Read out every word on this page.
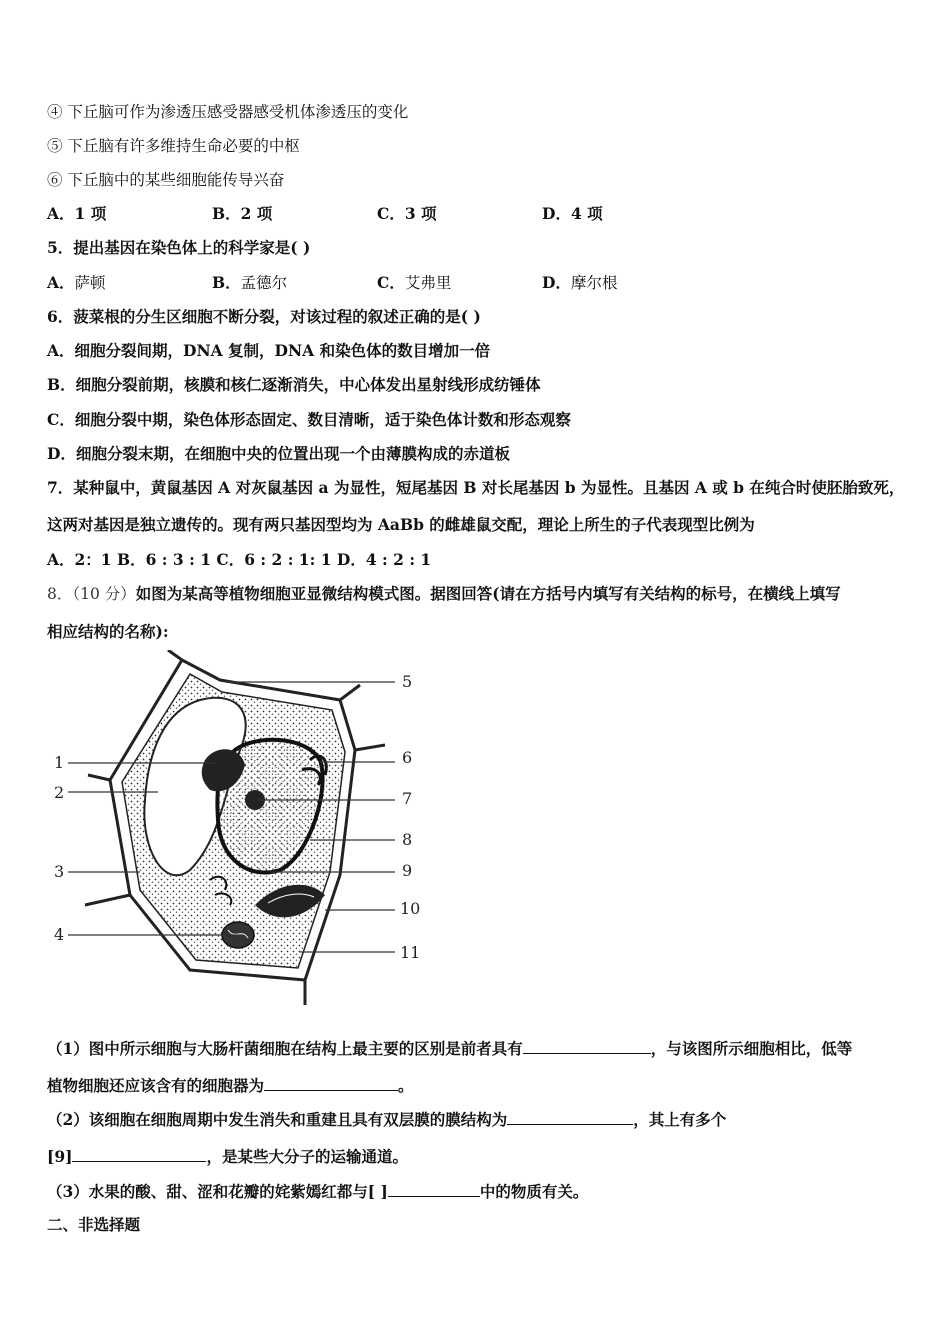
④ 下丘脑可作为渗透压感受器感受机体渗透压的变化
⑤ 下丘脑有许多维持生命必要的中枢
⑥ 下丘脑中的某些细胞能传导兴奋
A．1 项	B．2 项	C．3 项	D．4 项
5．提出基因在染色体上的科学家是( )
A．萨顿	B．孟德尔	C．艾弗里	D．摩尔根
6．菠菜根的分生区细胞不断分裂，对该过程的叙述正确的是( )
A．细胞分裂间期，DNA 复制，DNA 和染色体的数目增加一倍
B．细胞分裂前期，核膜和核仁逐渐消失，中心体发出星射线形成纺锤体
C．细胞分裂中期，染色体形态固定、数目清晰，适于染色体计数和形态观察
D．细胞分裂末期，在细胞中央的位置出现一个由薄膜构成的赤道板
7．某种鼠中，黄鼠基因 A 对灰鼠基因 a 为显性，短尾基因 B 对长尾基因 b 为显性。且基因 A 或 b 在纯合时使胚胎致死，
这两对基因是独立遗传的。现有两只基因型均为 AaBb 的雌雄鼠交配，理论上所生的子代表现型比例为
A．2：1 B．6 : 3 : 1 C．6 : 2 : 1: 1 D．4 : 2 : 1
8．（10 分）如图为某高等植物细胞亚显微结构模式图。据图回答(请在方括号内填写有关结构的标号，在横线上填写
相应结构的名称):
1
2
3
4
5
6
7
8
9
10
11
（1）图中所示细胞与大肠杆菌细胞在结构上最主要的区别是前者具有	，与该图所示细胞相比，低等
植物细胞还应该含有的细胞器为	。
（2）该细胞在细胞周期中发生消失和重建且具有双层膜的膜结构为	，其上有多个
[9]	，是某些大分子的运输通道。
（3）水果的酸、甜、涩和花瓣的姹紫嫣红都与[ ]	中的物质有关。
二、非选择题
